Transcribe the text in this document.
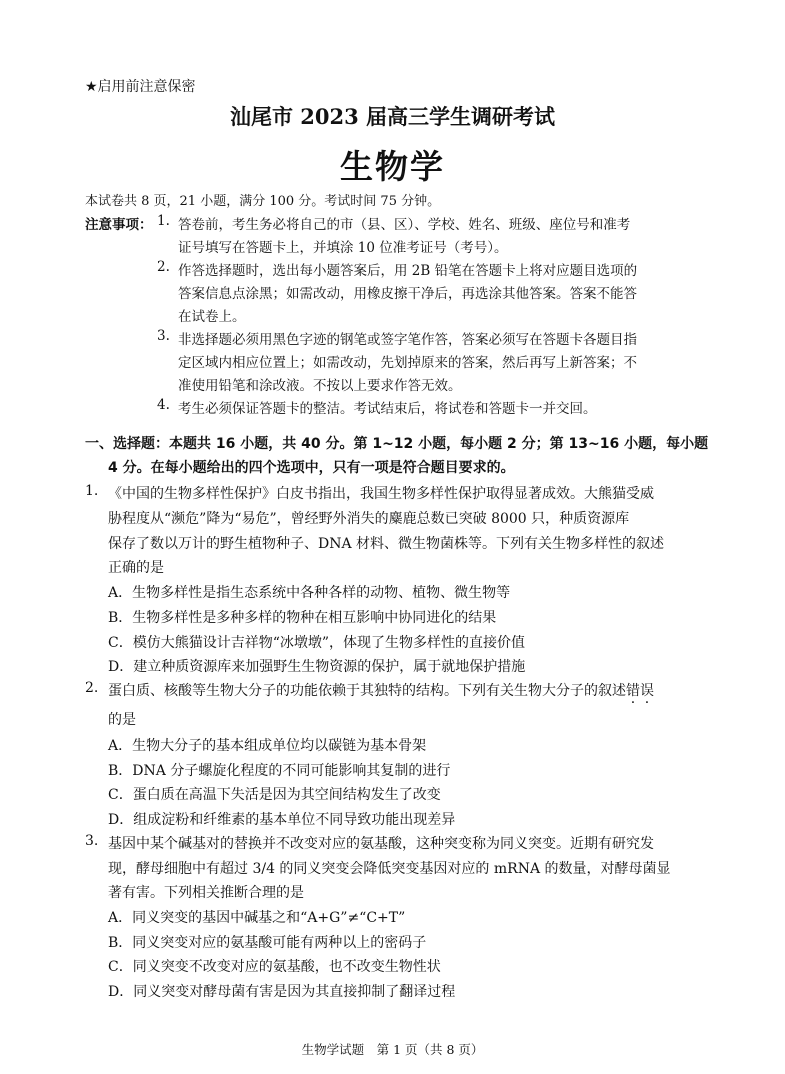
★启用前注意保密
汕尾市 2023 届高三学生调研考试
生物学
本试卷共 8 页，21 小题，满分 100 分。考试时间 75 分钟。
注意事项： 1. 答卷前，考生务必将自己的市（县、区）、学校、姓名、班级、座位号和准考
证号填写在答题卡上，并填涂 10 位准考证号（考号）。
2. 作答选择题时，选出每小题答案后，用 2B 铅笔在答题卡上将对应题目选项的
答案信息点涂黑；如需改动，用橡皮擦干净后，再选涂其他答案。答案不能答
在试卷上。
3. 非选择题必须用黑色字迹的钢笔或签字笔作答，答案必须写在答题卡各题目指
定区域内相应位置上；如需改动，先划掉原来的答案，然后再写上新答案；不
准使用铅笔和涂改液。不按以上要求作答无效。
4. 考生必须保证答题卡的整洁。考试结束后，将试卷和答题卡一并交回。
一、选择题：本题共 16 小题，共 40 分。第 1~12 小题，每小题 2 分；第 13~16 小题，每小题
4 分。在每小题给出的四个选项中，只有一项是符合题目要求的。
1. 《中国的生物多样性保护》白皮书指出，我国生物多样性保护取得显著成效。大熊猫受威
胁程度从“濒危”降为“易危”，曾经野外消失的麋鹿总数已突破 8000 只，种质资源库
保存了数以万计的野生植物种子、DNA 材料、微生物菌株等。下列有关生物多样性的叙述
正确的是
A．生物多样性是指生态系统中各种各样的动物、植物、微生物等
B．生物多样性是多种多样的物种在相互影响中协同进化的结果
C．模仿大熊猫设计吉祥物“冰墩墩”，体现了生物多样性的直接价值
D．建立种质资源库来加强野生生物资源的保护，属于就地保护措施
2. 蛋白质、核酸等生物大分子的功能依赖于其独特的结构。下列有关生物大分子的叙述错误
的是
A．生物大分子的基本组成单位均以碳链为基本骨架
B．DNA 分子螺旋化程度的不同可能影响其复制的进行
C．蛋白质在高温下失活是因为其空间结构发生了改变
D．组成淀粉和纤维素的基本单位不同导致功能出现差异
3. 基因中某个碱基对的替换并不改变对应的氨基酸，这种突变称为同义突变。近期有研究发
现，酵母细胞中有超过 3/4 的同义突变会降低突变基因对应的 mRNA 的数量，对酵母菌显
著有害。下列相关推断合理的是
A．同义突变的基因中碱基之和“A+G”≠“C+T”
B．同义突变对应的氨基酸可能有两种以上的密码子
C．同义突变不改变对应的氨基酸，也不改变生物性状
D．同义突变对酵母菌有害是因为其直接抑制了翻译过程
生物学试题　第 1 页（共 8 页）
